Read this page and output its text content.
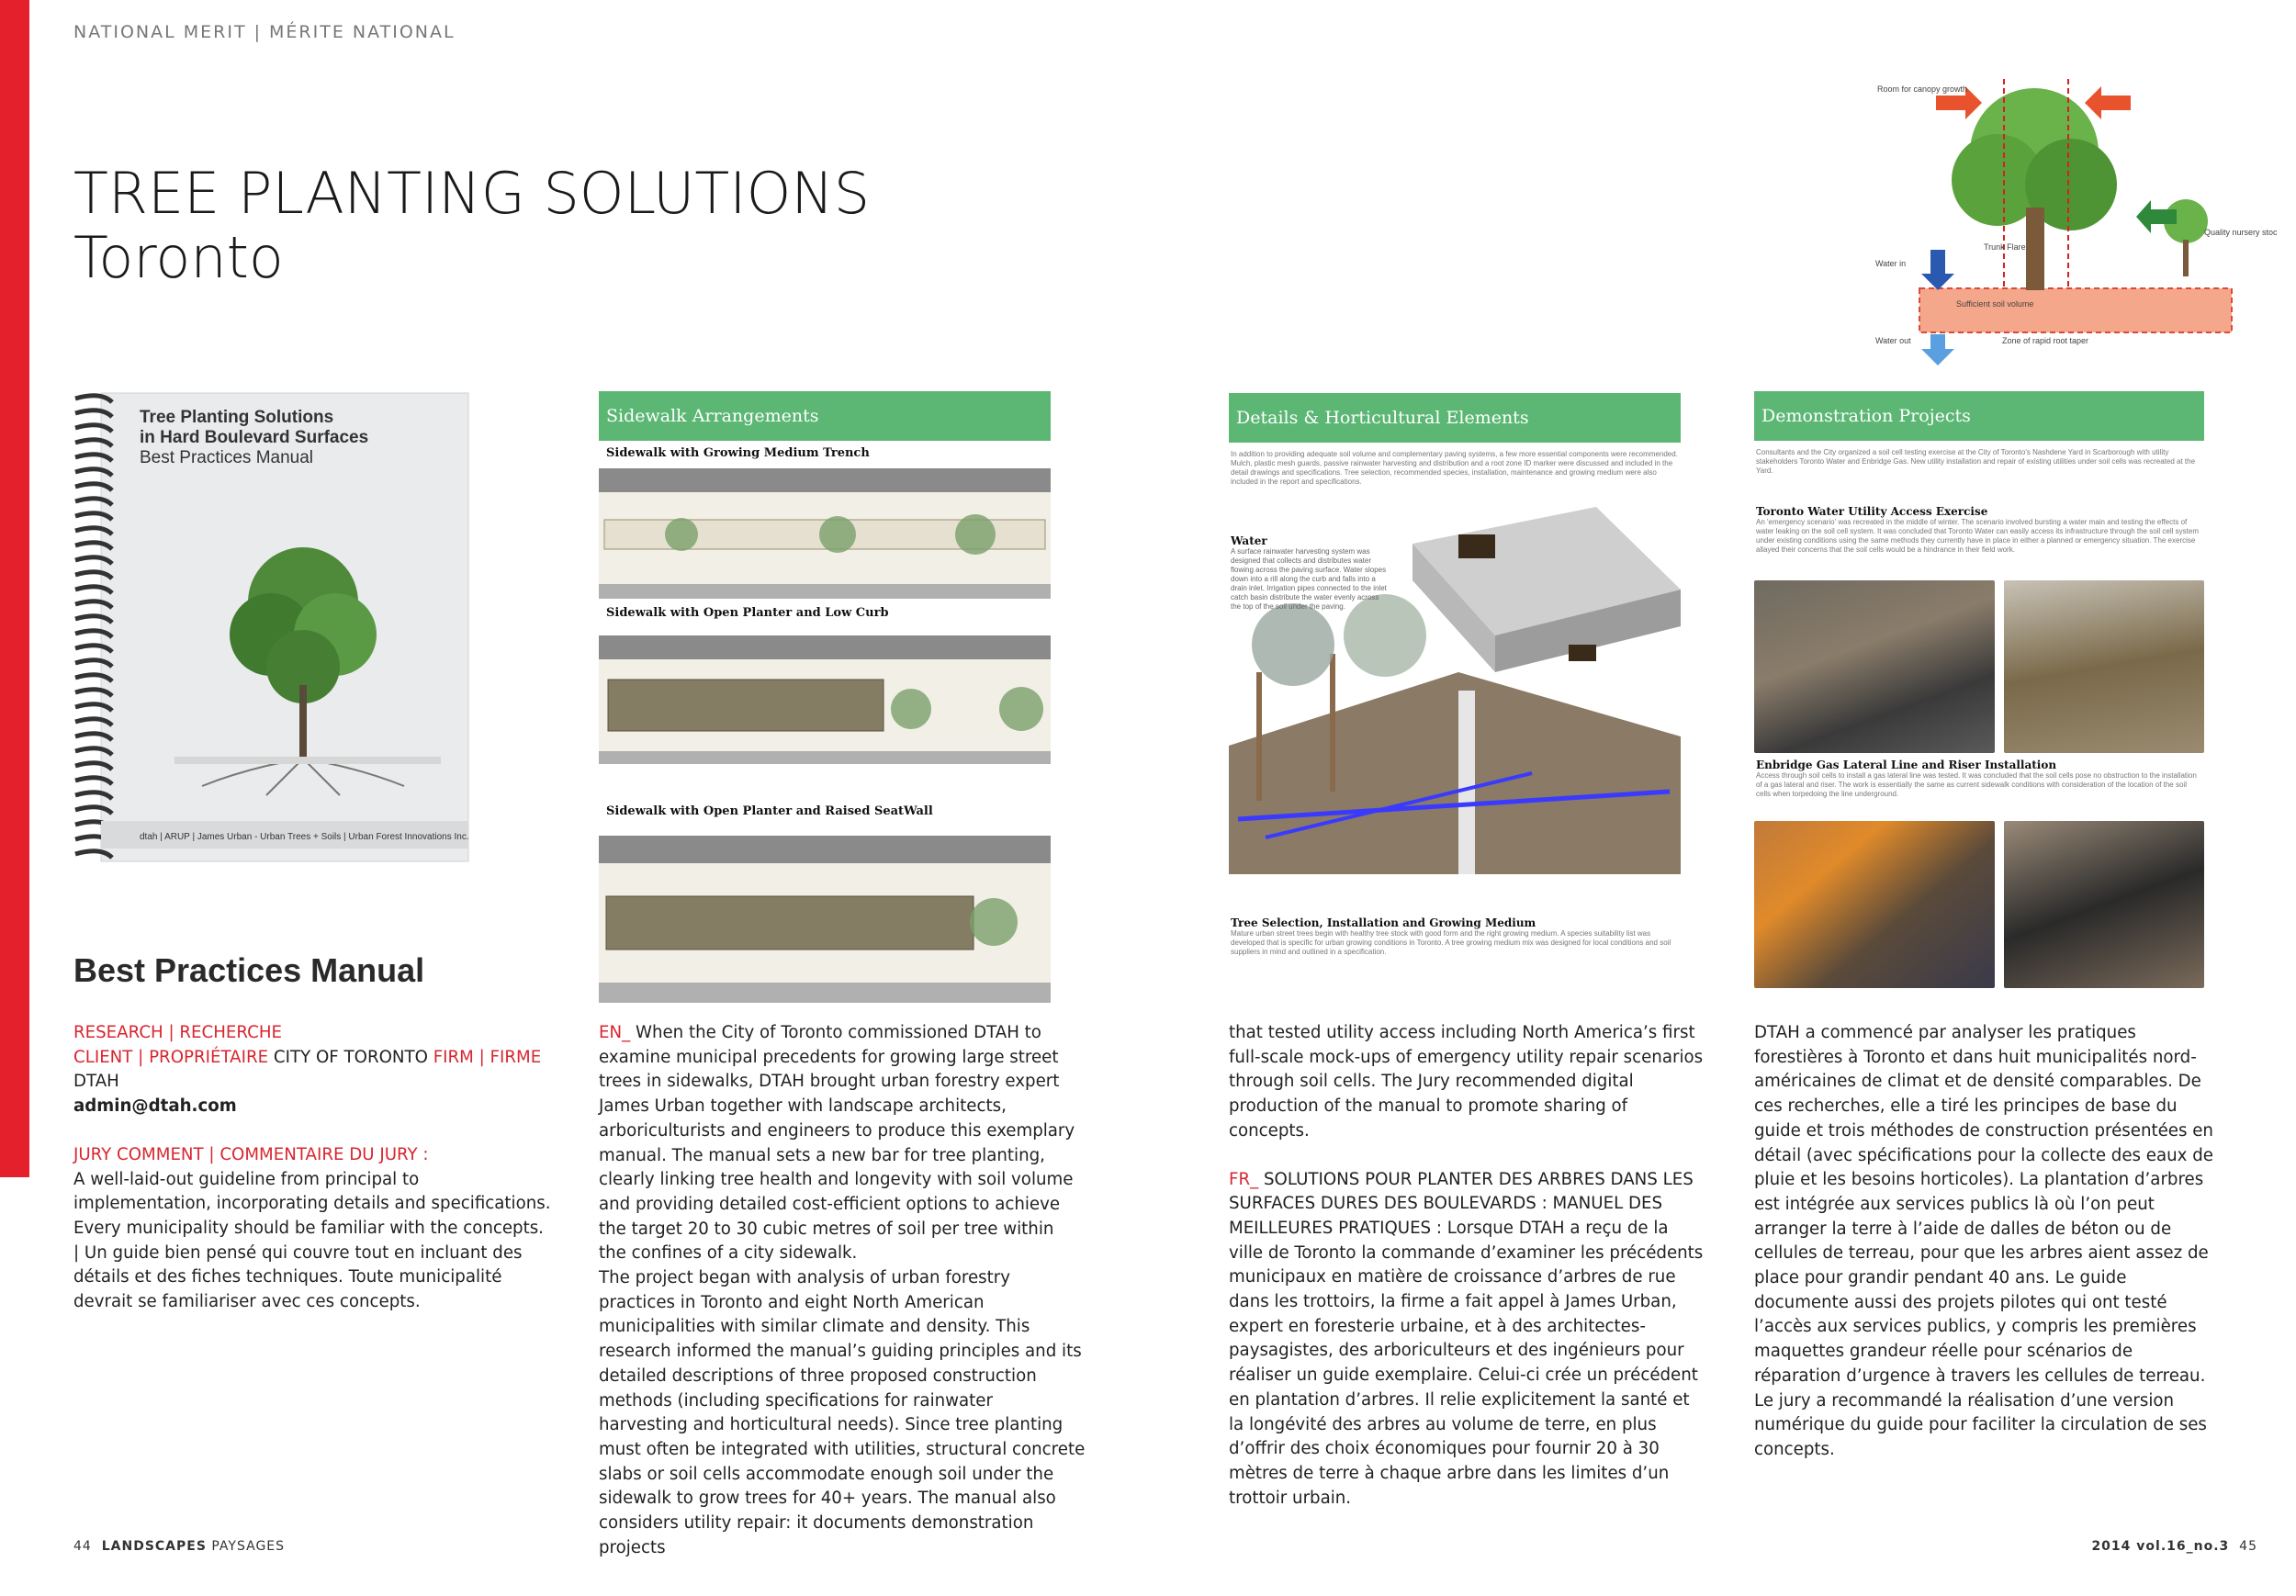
NATIONAL MERIT | MÉRITE NATIONAL
TREE PLANTING SOLUTIONS
Toronto
Room for canopy growth
Trunk Flare
Quality nursery stock
Water in
Sufficient soil volume
Water out	Zone of rapid root taper
Tree Planting Solutions
in Hard Boulevard Surfaces
Best Practices Manual
dtah | ARUP | James Urban - Urban Trees + Soils | Urban Forest Innovations Inc.
Best Practices Manual
Sidewalk Arrangements
Sidewalk with Growing Medium Trench
Sidewalk with Open Planter and Low Curb
Sidewalk with Open Planter and Raised SeatWall
Details & Horticultural Elements
In addition to providing adequate soil volume and complementary paving systems, a few more essential components were recommended. Mulch, plastic mesh guards, passive rainwater harvesting and distribution and a root zone ID marker were discussed and included in the detail drawings and specifications. Tree selection, recommended species, installation, maintenance and growing medium were also included in the report and specifications.
Water
A surface rainwater harvesting system was designed that collects and distributes water flowing across the paving surface. Water slopes down into a rill along the curb and falls into a drain inlet. Irrigation pipes connected to the inlet catch basin distribute the water evenly across the top of the soil under the paving.
Tree Selection, Installation and Growing Medium
Mature urban street trees begin with healthy tree stock with good form and the right growing medium. A species suitability list was developed that is specific for urban growing conditions in Toronto. A tree growing medium mix was designed for local conditions and soil suppliers in mind and outlined in a specification.
Demonstration Projects
Consultants and the City organized a soil cell testing exercise at the City of Toronto's Nashdene Yard in Scarborough with utility stakeholders Toronto Water and Enbridge Gas. New utility installation and repair of existing utilities under soil cells was recreated at the Yard.
Toronto Water Utility Access Exercise
An 'emergency scenario' was recreated in the middle of winter. The scenario involved bursting a water main and testing the effects of water leaking on the soil cell system. It was concluded that Toronto Water can easily access its infrastructure through the soil cell system under existing conditions using the same methods they currently have in place in either a planned or emergency situation. The exercise allayed their concerns that the soil cells would be a hindrance in their field work.
Enbridge Gas Lateral Line and Riser Installation
Access through soil cells to install a gas lateral line was tested. It was concluded that the soil cells pose no obstruction to the installation of a gas lateral and riser. The work is essentially the same as current sidewalk conditions with consideration of the location of the soil cells when torpedoing the line underground.

RESEARCH | RECHERCHE

CLIENT | PROPRIÉTAIRE CITY OF TORONTO FIRM | FIRME DTAH

admin@dtah.com

JURY COMMENT | COMMENTAIRE DU JURY :

A well-laid-out guideline from principal to implementation, incorporating details and specifications. Every municipality should be familiar with the concepts. | Un guide bien pensé qui couvre tout en incluant des détails et des fiches techniques. Toute municipalité devrait se familiariser avec ces concepts.

EN_ When the City of Toronto commissioned DTAH to examine municipal precedents for growing large street trees in sidewalks, DTAH brought urban forestry expert James Urban together with landscape architects, arboriculturists and engineers to produce this exemplary manual. The manual sets a new bar for tree planting, clearly linking tree health and longevity with soil volume and providing detailed cost-efficient options to achieve the target 20 to 30 cubic metres of soil per tree within the confines of a city sidewalk.

The project began with analysis of urban forestry practices in Toronto and eight North American municipalities with similar climate and density. This research informed the manual’s guiding principles and its detailed descriptions of three proposed construction methods (including specifications for rainwater harvesting and horticultural needs). Since tree planting must often be integrated with utilities, structural concrete slabs or soil cells accommodate enough soil under the sidewalk to grow trees for 40+ years. The manual also considers utility repair: it documents demonstration projects

that tested utility access including North America’s first full-scale mock-ups of emergency utility repair scenarios through soil cells. The Jury recommended digital production of the manual to promote sharing of concepts.

FR_ SOLUTIONS POUR PLANTER DES ARBRES DANS LES SURFACES DURES DES BOULEVARDS : MANUEL DES MEILLEURES PRATIQUES : Lorsque DTAH a reçu de la ville de Toronto la commande d’examiner les précédents municipaux en matière de croissance d’arbres de rue dans les trottoirs, la firme a fait appel à James Urban, expert en foresterie urbaine, et à des architectes-paysagistes, des arboriculteurs et des ingénieurs pour réaliser un guide exemplaire. Celui-ci crée un précédent en plantation d’arbres. Il relie explicitement la santé et la longévité des arbres au volume de terre, en plus d’offrir des choix économiques pour fournir 20 à 30 mètres de terre à chaque arbre dans les limites d’un trottoir urbain.

DTAH a commencé par analyser les pratiques forestières à Toronto et dans huit municipalités nord-américaines de climat et de densité comparables. De ces recherches, elle a tiré les principes de base du guide et trois méthodes de construction présentées en détail (avec spécifications pour la collecte des eaux de pluie et les besoins horticoles). La plantation d’arbres est intégrée aux services publics là où l’on peut arranger la terre à l’aide de dalles de béton ou de cellules de terreau, pour que les arbres aient assez de place pour grandir pendant 40 ans. Le guide documente aussi des projets pilotes qui ont testé l’accès aux services publics, y compris les premières maquettes grandeur réelle pour scénarios de réparation d’urgence à travers les cellules de terreau. Le jury a recommandé la réalisation d’une version numérique du guide pour faciliter la circulation de ses concepts.

44 LANDSCAPES PAYSAGES	2014 vol.16_no.3 45
